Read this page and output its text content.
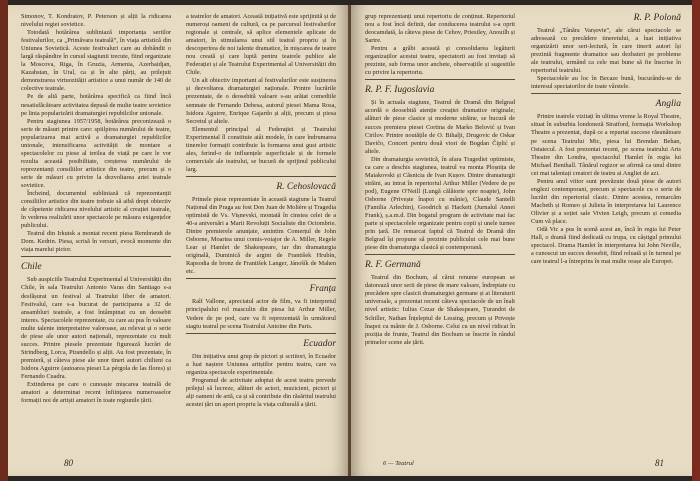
Simonov, T. Kondratov, P. Peterson și alții la ridicarea nivelului regiei sovietice.

Totodată hotărârea subliniază importanța seriilor festivalurilor, ca „Primăvara teatrală”, în viața artistică din Uniunea Sovietică. Aceste festivaluri care au dobândit o largă răspândire în cursul stagiunii trecute, fiind organizate la Moscova, Riga, în Gruzia, Armenia, Azerbaidjan, Kazahstan, în Ural, ca și în alte părți, au prilejuit demonstrarea virtuozității artistice a unui număr de 140 de colective teatrale.

Pe de altă parte, hotărârea specifică ca fiind încă nesatisfăcătoare activitatea depusă de multe teatre sovietice pe linia popularizării dramaturgiei repubilcilor unionale.

Pentru stagiunea 1957/1958, hotărârea preconizează o serie de măsuri printre care: spiilpirea numărului de teatre, popularizarea mai activă a dramaturgiei republicilor unionale, intensificarea activității de montare a spectacolelor cu piese al treilea de viață pe care le vor rezulta această posibilitate, creșterea numărului de reprezentanți consiliilor artistice din teatre, precum și o serie de măsuri cu privire la dezvoltarea artei teatrale sovietice.

Încheind, documentul subliniază că reprezentanții consiliilor artistice din teatre trebuie să aibă drept obiectiv de căpetenie ridicarea nivelului artistic al creației teatrale, în vederea realizării unor spectacole pe măsura exigențelor publicului.

Teatrul din Irkutsk a montat recent piesa Rembrandt de Dom. Kedrin. Piesa, scrisă în versuri, evocă momente din viața marelui pictor.

Chile

Sub auspiciile Teatrului Experimental al Universității din Chile, în sala Teatrului Antonio Varas din Santiago s-a desfășurat un festival al Teatrului liber de amatori. Festivalul, care s-a bucurat de participarea a 32 de ansambluri teatrale, a fost întâmpinat cu un deosebit interes. Spectacolele reprezentate, cu care au pus în valoare multe talente interpretative valoroase, au relevat și o serie de piese ale unor autori naționali, reprezentate cu mult succes. Printre piesele prezentate figurează lucrări de Strindberg, Lorca, Pirandello și alții. Au fost prezentate, în premieră, și câteva piese ale unor tineri autori chilieni ca Isidora Aguirre (autoarea piesei La pérgola de las flores) și Fernando Cuadra.

Extinderea pe care o cunoaște mișcarea teatrală de amatori a determinat recent înființarea numeroaselor formații noi de artiști amatori în toate regiunile țării.

a teatrelor de amatori. Această inițiativă este sprijinită și de numeroși oameni de cultură, ca pe parcursul festivalurilor regionale și centrale, să aplice elementele aplicate de amatori, în stimularea unui stil teatral propriu și în descoperirea de noi talente dramatice, în mișcarea de teatre nou creată și care luptă pentru teatrele publice ale Federației și ale Teatrului Experimental al Universității din Chile.

Un alt obiectiv important al festivalurilor este susținerea și dezvoltarea dramaturgiei naționale. Printre lucrările prezentate, de o deosebită valoare s-au arătat comediile semnate de Fernando Debesa, autorul piesei Mama Rosa, Isidora Aguirre, Enrique Gajardo și alții, precum și piesa Secretul și altele.

Elementul principal al Federației și Teatrului Experimental îl constituie atât modele, în care îndrumarea tinerelor formații contribuie la formarea unui gust artistic ales, ferind-o de influențele superficiale și de formele comerciale ale teatrului, se bucură de sprijinul publicului larg.

R. Cehoslovacă

Primele piese reprezentate în această stagiune la Teatrul Național din Praga au fost Don Juan de Molière și Tragedia optimistă de Vs. Vișnevski, montată în cinstea celei de a 40-a aniversări a Marii Revoluții Socialiste din Octombrie. Dintre premierele anunțate, amintim Comerțul de John Osborne, Moartea unui comis-voiajor de A. Miller, Regele Lear și Hamlet de Shakespeare, iar din dramaturgia originală, Duminică de argint de František Hrubín, Rapsodia de bronz de František Langer, Jánošík de Mahen etc.

Franța

Ralf Vallone, apreciatul actor de film, va fi interpretul principalului rol masculin din piesa lui Arthur Miller, Vedere de pe pod, care va fi reprezentată în următorul stagiu teatral pe scena Teatrului Antoine din Paris.

Ecuador

Din inițiativa unui grup de pictori și scriitori, în Ecuador a luat naștere Uniunea artiștilor pentru teatru, care va organiza spectacole experimentale.

Programul de activitate adoptat de acest teatru prevede prilejul să lucreze, alături de actori, muzicieni, pictori și alți oameni de artă, ca și să contribuie din răsăritul teatrului acestei țări un aport propriu la viața culturală a țării.

80

grup reprezentanți unui repertoriu de conținut. Repertoriul nou a fost încă definit, dar conducerea teatrului s-a oprit deocamdată, la câteva piese de Cehov, Priestley, Anouilh și Sartre.

Pentru a grăbi această și consolidarea legăturii organizaților acestui teatru, spectatorii au fost invitați să prezinte, sub forma unor anchete, observațiile și sugestiile cu privire la repertoriu.

R. P. F. Iugoslavia

Și în actuala stagiune, Teatrul de Dramă din Belgrad acordă o deosebită atenție creației dramatice originale; alături de piese clasice și moderne străine, se bucură de succes premiera piesei Cortina de Marko Belović și Ivan Cirilov. Printre noutățile de O. Bihalji, Drugovic de Oskar Davičo, Concert pentru două viori de Bogdan Čiplić și altele.

Din dramaturgia sovietică, în afara Tragediei optimiste, ca care a deschis stagiunea, teatrul va monta Ploșnița de Maiakovski și Căsnicia de Ivan Kușov. Dintre dramaturgii străini, au intrat în repertoriul Arthur Miller (Vedere de pe pod), Eugene O'Neill (Lungă călătorie spre noapte), John Osborne (Privește înapoi cu mânie), Claude Santelli (Familia Arlechin), Goodrich și Hackett (Jurnalul Annei Frank), ș.a.m.d. Din bogatul program de activitate mai fac parte și spectacolele organizate pentru copii și unele turnee prin țară. De remarcat faptul că Teatrul de Dramă din Belgrad își propune să prezinte publicului cele mai bune piese din dramaturgia clasică și contemporană.

R. F. Germană

Teatrul din Bochum, al cărui renume european se datorează unor serii de piese de mare valoare, îndreptate cu precădere spre clasicii dramaturgiei germane și ai literaturii universale, a prezentat recent câteva spectacole de un înalt nivel artistic: Iulius Cezar de Shakespeare, Țurandot de Schiller, Nathan Înțeleptul de Lessing, precum și Privește înapoi cu mânie de J. Osborne. Celui cu un nivel ridicat în poziția de frunte, Teatrul din Bochum se înscrie în rândul primelor scene ale țării.

R. P. Polonă

Teatrul „Tânăra Varșovie”, ale cărui spectacole se adresează cu precădere tineretului, a luat inițiativa organizării unor seri-lectură, în care tinerii autori își prezintă fragmente dramatice sau dezbateri pe probleme ale teatrului, urmând ca cele mai bune să fie înscrise în repertoriul teatrului.

Spectacolele au loc în Becaze bună, bucurându-se de interesul spectatorilor de toate vârstele.

Anglia

Printre teatrele vizitați în ultima vreme la Royal Theatre, situat în suburbia londoneză Stratford, formația Workshop Theatre a prezentat, după ce a repurtat succese răsunătoare pe scena Teatrului Mic, piesa lui Brendan Behan, Ostatecul. A fost prezentat recent, pe scena teatrului Arts Theatre din Londra, spectacolul Hamlet în regia lui Michael Benthall. Tânărul regizor se afirmă ca unul dintre cei mai talentați creatori de teatru ai Angliei de azi.

Pentru anul viitor sunt prevăzute două piese de autori englezi contemporani, precum și spectacole cu o serie de lucrări din repertoriul clasic. Dintre acestea, remarcăm Macbeth și Romeo și Julieta în interpretarea lui Laurence Olivier și a soției sale Vivien Leigh, precum și comedia Cum vă place.

Odă Vic a pus în scenă acest an, încă în regia lui Peter Hall, o dramă fiind dedicată cu trupa, cu câștigul primului spectacol. Drama Hamlet în interpretarea lui John Neville, a cunoscut un succes deosebit, fiind reluată și în turneul pe care teatrul l-a întreprins în mai multe orașe ale Europei.

6 — Teatrul	81
